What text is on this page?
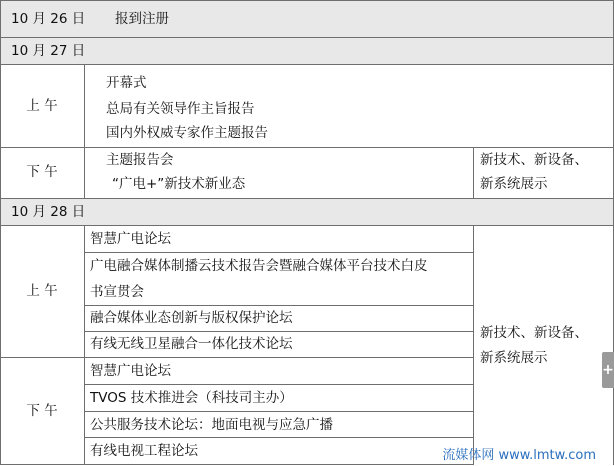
10 月 26 日 报到注册
10 月 27 日
上 午
开幕式
总局有关领导作主旨报告
国内外权威专家作主题报告
下 午
主题报告会
“广电+”新技术新业态
新技术、新设备、
新系统展示
10 月 28 日
上 午
智慧广电论坛
广电融合媒体制播云技术报告会暨融合媒体平台技术白皮
书宣贯会
融合媒体业态创新与版权保护论坛
有线无线卫星融合一体化技术论坛
下 午
智慧广电论坛
TVOS 技术推进会（科技司主办）
公共服务技术论坛：地面电视与应急广播
有线电视工程论坛
新技术、新设备、
新系统展示
+
流媒体网 www.lmtw.com
